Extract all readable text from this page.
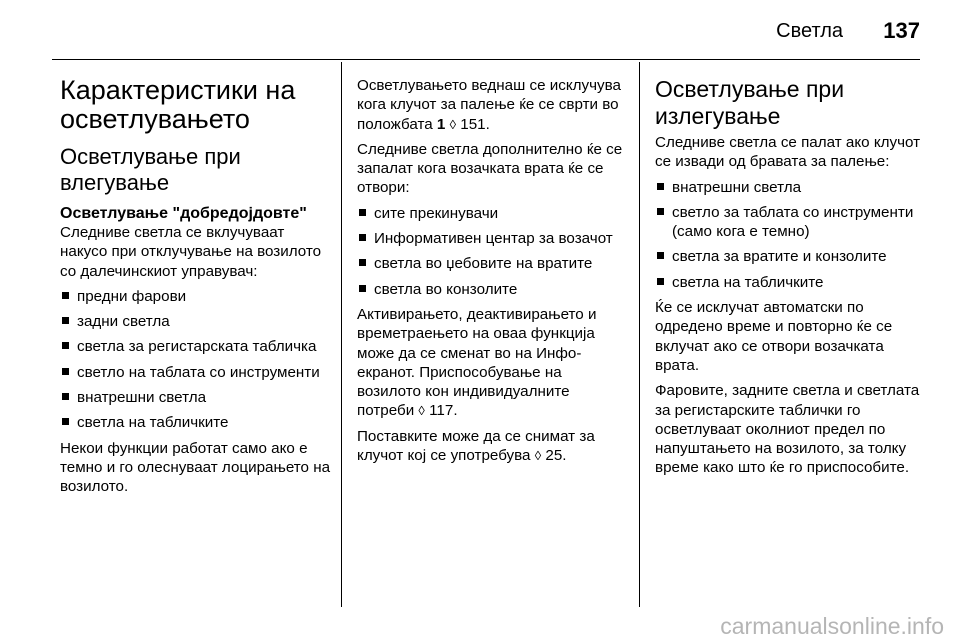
Светла 137
Карактеристики на осветлувањето
Осветлување при влегување
Осветлување "добредојдовте"

Следниве светла се вклучуваат накусо при отклучување на возилото со далечинскиот управувач:

предни фарови
задни светла
светла за регистарската табличка
светло на таблата со инструменти
внатрешни светла
светла на табличките

Некои функции работат само ако е темно и го олеснуваат лоцирањето на возилото.

Осветлувањето веднаш се исклучува кога клучот за палење ќе се сврти во положбата 1 ◊ 151.

Следниве светла дополнително ќе се запалат кога возачката врата ќе се отвори:

сите прекинувачи
Информативен центар за возачот
светла во џебовите на вратите
светла во конзолите

Активирањето, деактивирањето и времетраењето на оваа функција може да се сменат во на Инфо-екранот. Приспособување на возилото кон индивидуалните потреби ◊ 117.

Поставките може да се снимат за клучот кој се употребува ◊ 25.

Осветлување при излегување

Следниве светла се палат ако клучот се извади од бравата за палење:

внатрешни светла
светло за таблата со инструменти (само кога е темно)
светла за вратите и конзолите
светла на табличките

Ќе се исклучат автоматски по одредено време и повторно ќе се вклучат ако се отвори возачката врата.

Фаровите, задните светла и светлата за регистарските таблички го осветлуваат околниот предел по напуштањето на возилото, за толку време како што ќе го приспособите.

carmanualsonline.info
